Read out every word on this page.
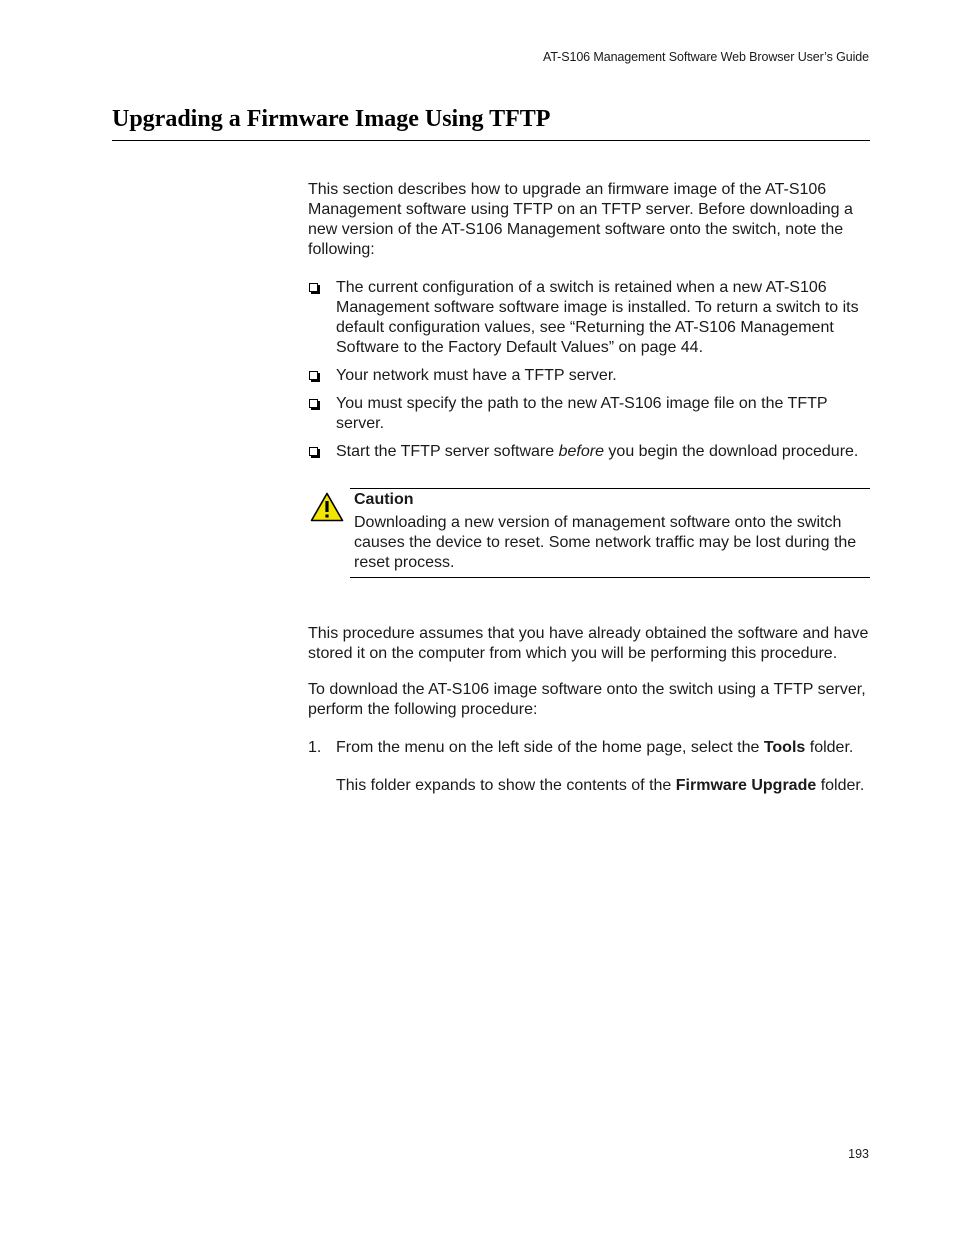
AT-S106 Management Software Web Browser User’s Guide
Upgrading a Firmware Image Using TFTP

This section describes how to upgrade an firmware image of the AT-S106 Management software using TFTP on an TFTP server. Before downloading a new version of the AT-S106 Management software onto the switch, note the following:

The current configuration of a switch is retained when a new AT-S106 Management software software image is installed. To return a switch to its default configuration values, see “Returning the AT-S106 Management Software to the Factory Default Values” on page 44.
Your network must have a TFTP server.
You must specify the path to the new AT-S106 image file on the TFTP server.
Start the TFTP server software before you begin the download procedure.

Caution

Downloading a new version of management software onto the switch causes the device to reset. Some network traffic may be lost during the reset process.

This procedure assumes that you have already obtained the software and have stored it on the computer from which you will be performing this procedure.

To download the AT-S106 image software onto the switch using a TFTP server, perform the following procedure:

1. From the menu on the left side of the home page, select the Tools folder.

This folder expands to show the contents of the Firmware Upgrade folder.

193
